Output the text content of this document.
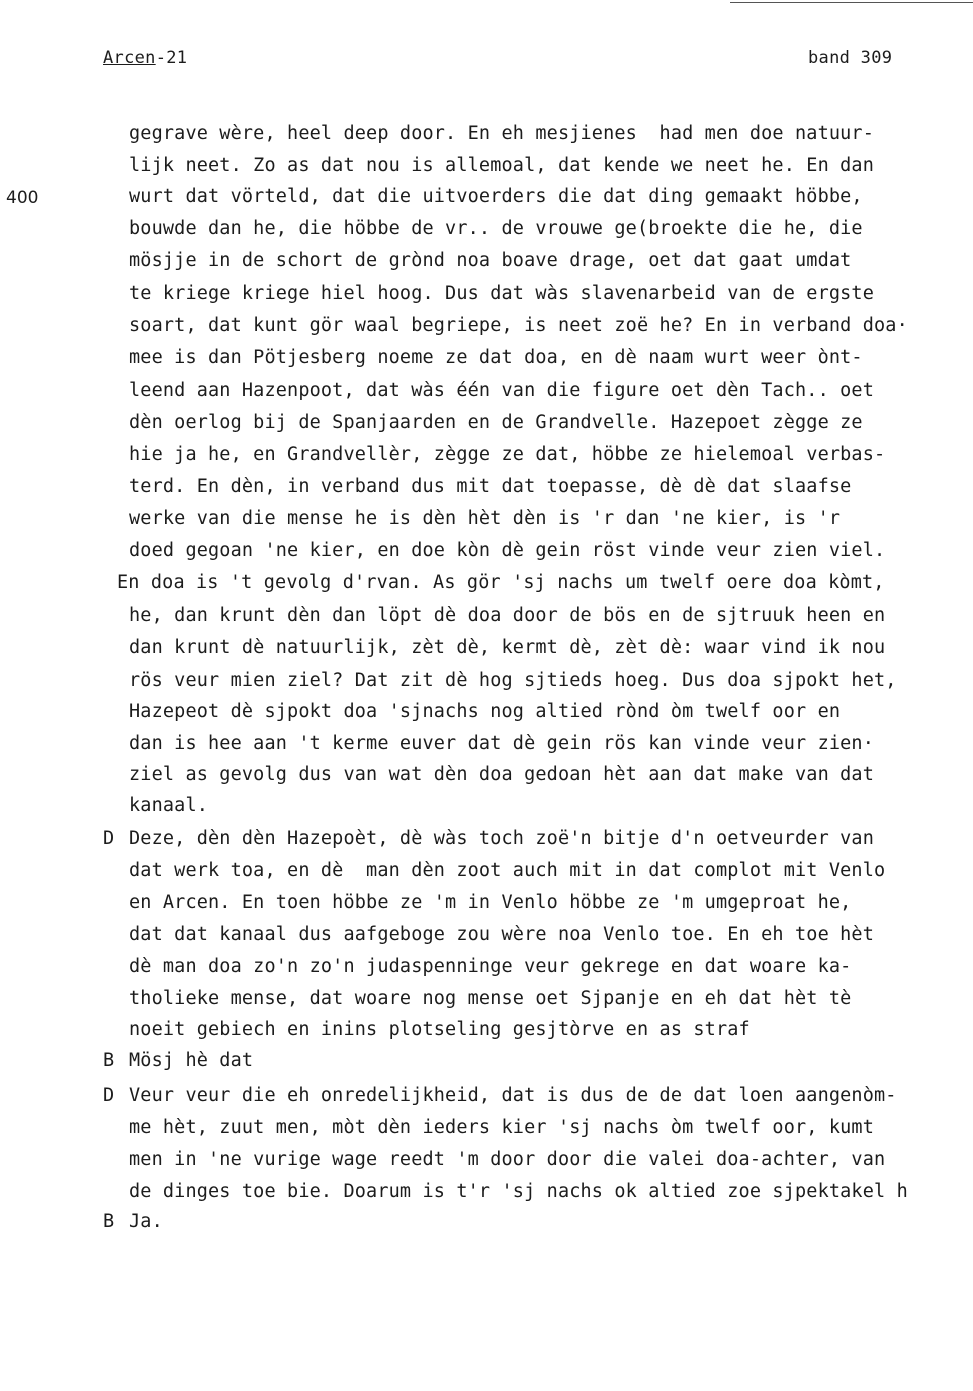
Arcen-21	band 309
400
gegrave wère, heel deep door. En eh mesjienes  had men doe natuur-
lijk neet. Zo as dat nou is allemoal, dat kende we neet he. En dan
wurt dat vörteld, dat die uitvoerders die dat ding gemaakt höbbe,
bouwde dan he, die höbbe de vr.. de vrouwe ge(broekte die he, die
mösjje in de schort de grònd noa boave drage, oet dat gaat umdat
te kriege kriege hiel hoog. Dus dat wàs slavenarbeid van de ergste
soart, dat kunt gör waal begriepe, is neet zoë he? En in verband doa·
mee is dan Pötjesberg noeme ze dat doa, en dè naam wurt weer ònt-
leend aan Hazenpoot, dat wàs één van die figure oet dèn Tach.. oet
dèn oerlog bij de Spanjaarden en de Grandvelle. Hazepoet zègge ze
hie ja he, en Grandvellèr, zègge ze dat, höbbe ze hielemoal verbas-
terd. En dèn, in verband dus mit dat toepasse, dè dè dat slaafse
werke van die mense he is dèn hèt dèn is 'r dan 'ne kier, is 'r
doed gegoan 'ne kier, en doe kòn dè gein röst vinde veur zien viel.
En doa is 't gevolg d'rvan. As gör 'sj nachs um twelf oere doa kòmt,
he, dan krunt dèn dan löpt dè doa door de bös en de sjtruuk heen en
dan krunt dè natuurlijk, zèt dè, kermt dè, zèt dè: waar vind ik nou
rös veur mien ziel? Dat zit dè hog sjtieds hoeg. Dus doa sjpokt het,
Hazepeot dè sjpokt doa 'sjnachs nog altied rònd òm twelf oor en
dan is hee aan 't kerme euver dat dè gein rös kan vinde veur zien·
ziel as gevolg dus van wat dèn doa gedoan hèt aan dat make van dat
kanaal.
D Deze, dèn dèn Hazepoèt, dè wàs toch zoë'n bitje d'n oetveurder van
dat werk toa, en dè  man dèn zoot auch mit in dat complot mit Venlo
en Arcen. En toen höbbe ze 'm in Venlo höbbe ze 'm umgeproat he,
dat dat kanaal dus aafgeboge zou wère noa Venlo toe. En eh toe hèt
dè man doa zo'n zo'n judaspenninge veur gekrege en dat woare ka-
tholieke mense, dat woare nog mense oet Sjpanje en eh dat hèt tè
noeit gebiech en inins plotseling gesjtòrve en as straf
B Mösj hè dat
D Veur veur die eh onredelijkheid, dat is dus de de dat loen aangenòm-
me hèt, zuut men, mòt dèn ieders kier 'sj nachs òm twelf oor, kumt
men in 'ne vurige wage reedt 'm door door die valei doa-achter, van
de dinges toe bie. Doarum is t'r 'sj nachs ok altied zoe sjpektakel h
B Ja.
